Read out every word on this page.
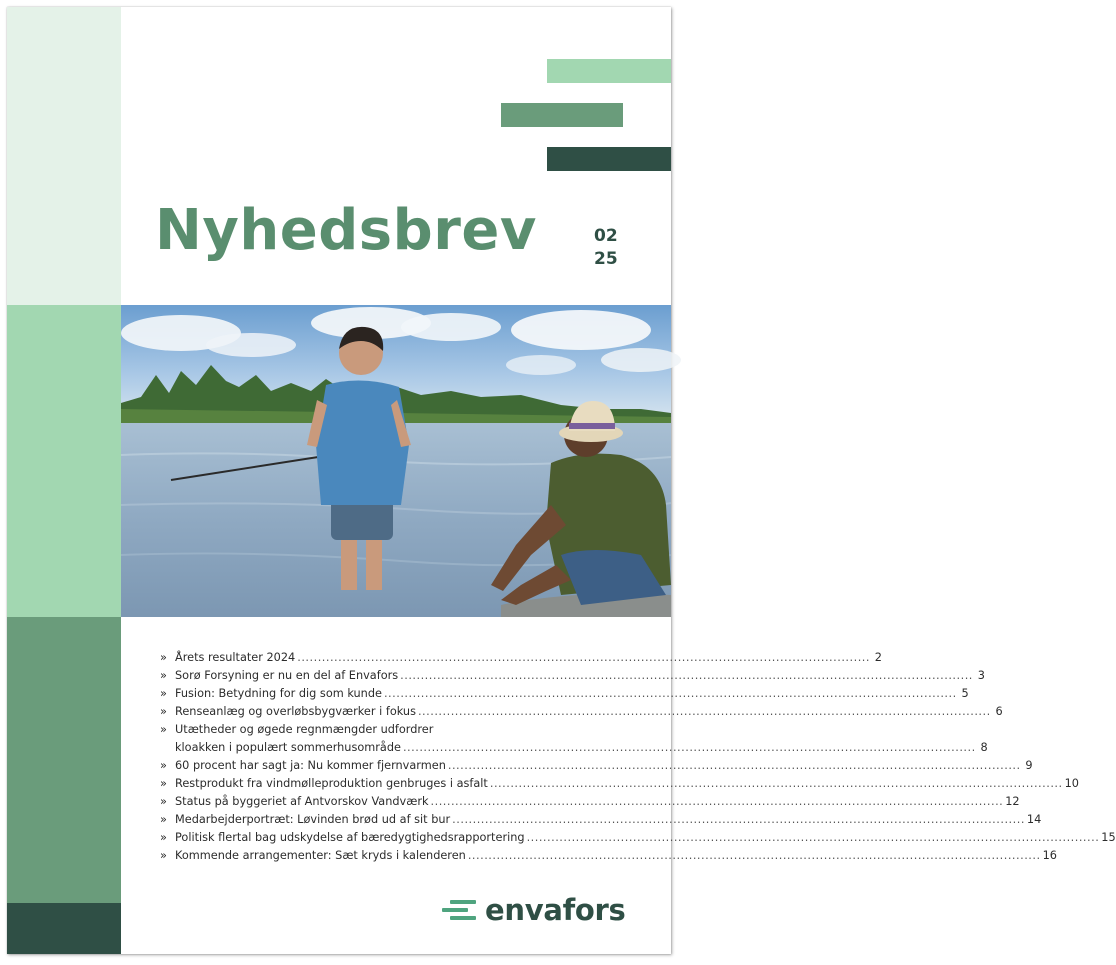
Nyhedsbrev	02
25
» Årets resultater 2024 ............................................................................................................................................ 2
» Sorø Forsyning er nu en del af Envafors ............................................................................................................................................ 3
» Fusion: Betydning for dig som kunde ............................................................................................................................................ 5
» Renseanlæg og overløbsbygværker i fokus ............................................................................................................................................ 6
» Utætheder og øgede regnmængder udfordrer
kloakken i populært sommerhusområde ............................................................................................................................................ 8
» 60 procent har sagt ja: Nu kommer fjernvarmen ............................................................................................................................................ 9
» Restprodukt fra vindmølleproduktion genbruges i asfalt ............................................................................................................................................ 10
» Status på byggeriet af Antvorskov Vandværk ............................................................................................................................................ 12
» Medarbejderportræt: Løvinden brød ud af sit bur ............................................................................................................................................ 14
» Politisk flertal bag udskydelse af bæredygtighedsrapportering ............................................................................................................................................ 15
» Kommende arrangementer: Sæt kryds i kalenderen ............................................................................................................................................ 16
envafors
